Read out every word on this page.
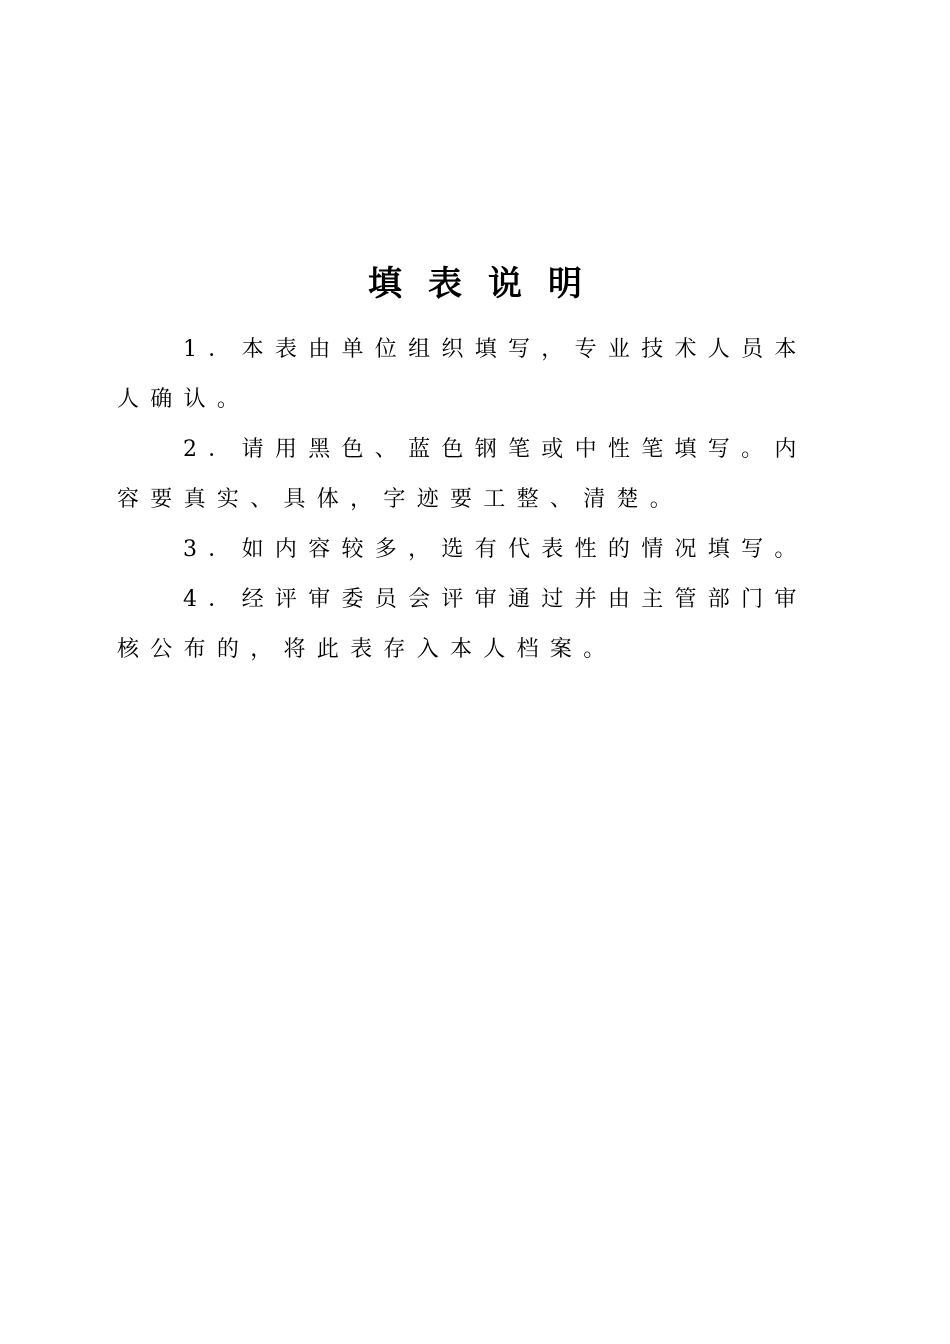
填表说明

1．本表由单位组织填写，专业技术人员本人确认。

2．请用黑色、蓝色钢笔或中性笔填写。内容要真实、具体，字迹要工整、清楚。

3．如内容较多，选有代表性的情况填写。

4．经评审委员会评审通过并由主管部门审核公布的，将此表存入本人档案。
